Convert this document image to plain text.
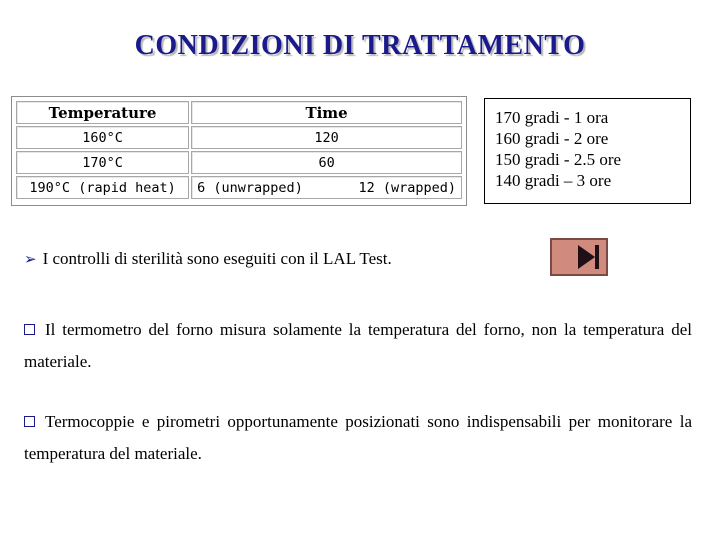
CONDIZIONI DI TRATTAMENTO
Temperature	Time
160°C	120
170°C	60
190°C (rapid heat)	6 (unwrapped) 12 (wrapped)
170 gradi - 1 ora
160 gradi - 2 ore
150 gradi - 2.5 ore
140 gradi – 3 ore
➢ I controlli di sterilità sono eseguiti con il LAL Test.
Il termometro del forno misura solamente la temperatura del forno, non la temperatura del materiale.
Termocoppie e pirometri opportunamente posizionati sono indispensabili per monitorare la temperatura del materiale.
